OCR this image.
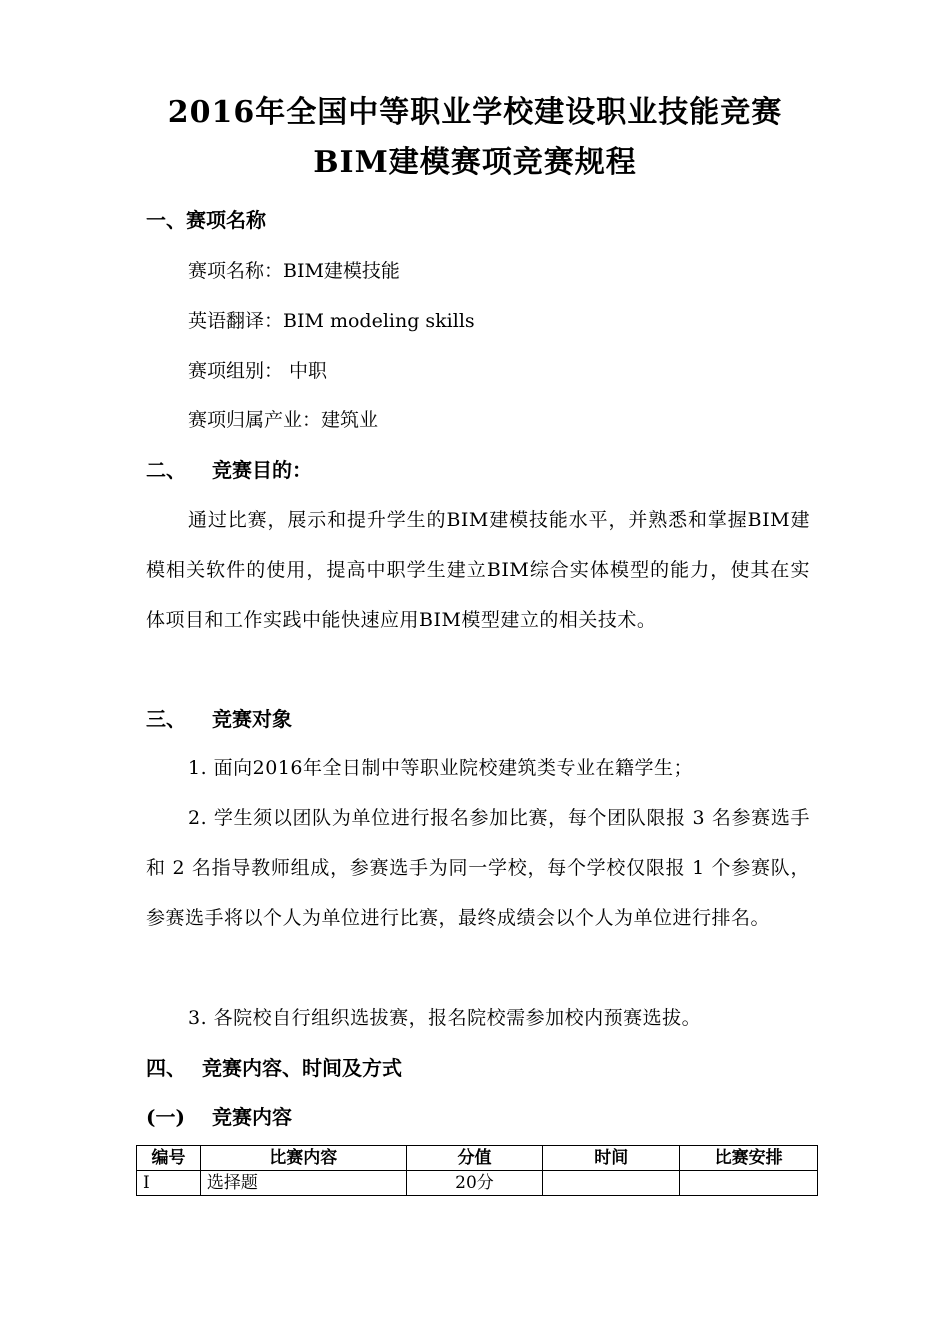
2016年全国中等职业学校建设职业技能竞赛
BIM建模赛项竞赛规程
一、赛项名称
赛项名称：BIM建模技能
英语翻译：BIM modeling skills
赛项组别： 中职
赛项归属产业：建筑业
二、 竞赛目的：
通过比赛，展示和提升学生的BIM建模技能水平，并熟悉和掌握BIM建模相关软件的使用，提高中职学生建立BIM综合实体模型的能力，使其在实体项目和工作实践中能快速应用BIM模型建立的相关技术。
三、 竞赛对象
1. 面向2016年全日制中等职业院校建筑类专业在籍学生；
2. 学生须以团队为单位进行报名参加比赛，每个团队限报 3 名参赛选手和 2 名指导教师组成，参赛选手为同一学校，每个学校仅限报 1 个参赛队，参赛选手将以个人为单位进行比赛，最终成绩会以个人为单位进行排名。
3. 各院校自行组织选拔赛，报名院校需参加校内预赛选拔。
四、 竞赛内容、时间及方式
(一) 竞赛内容
编号	比赛内容	分值	时间	比赛安排
I	选择题	20分		
